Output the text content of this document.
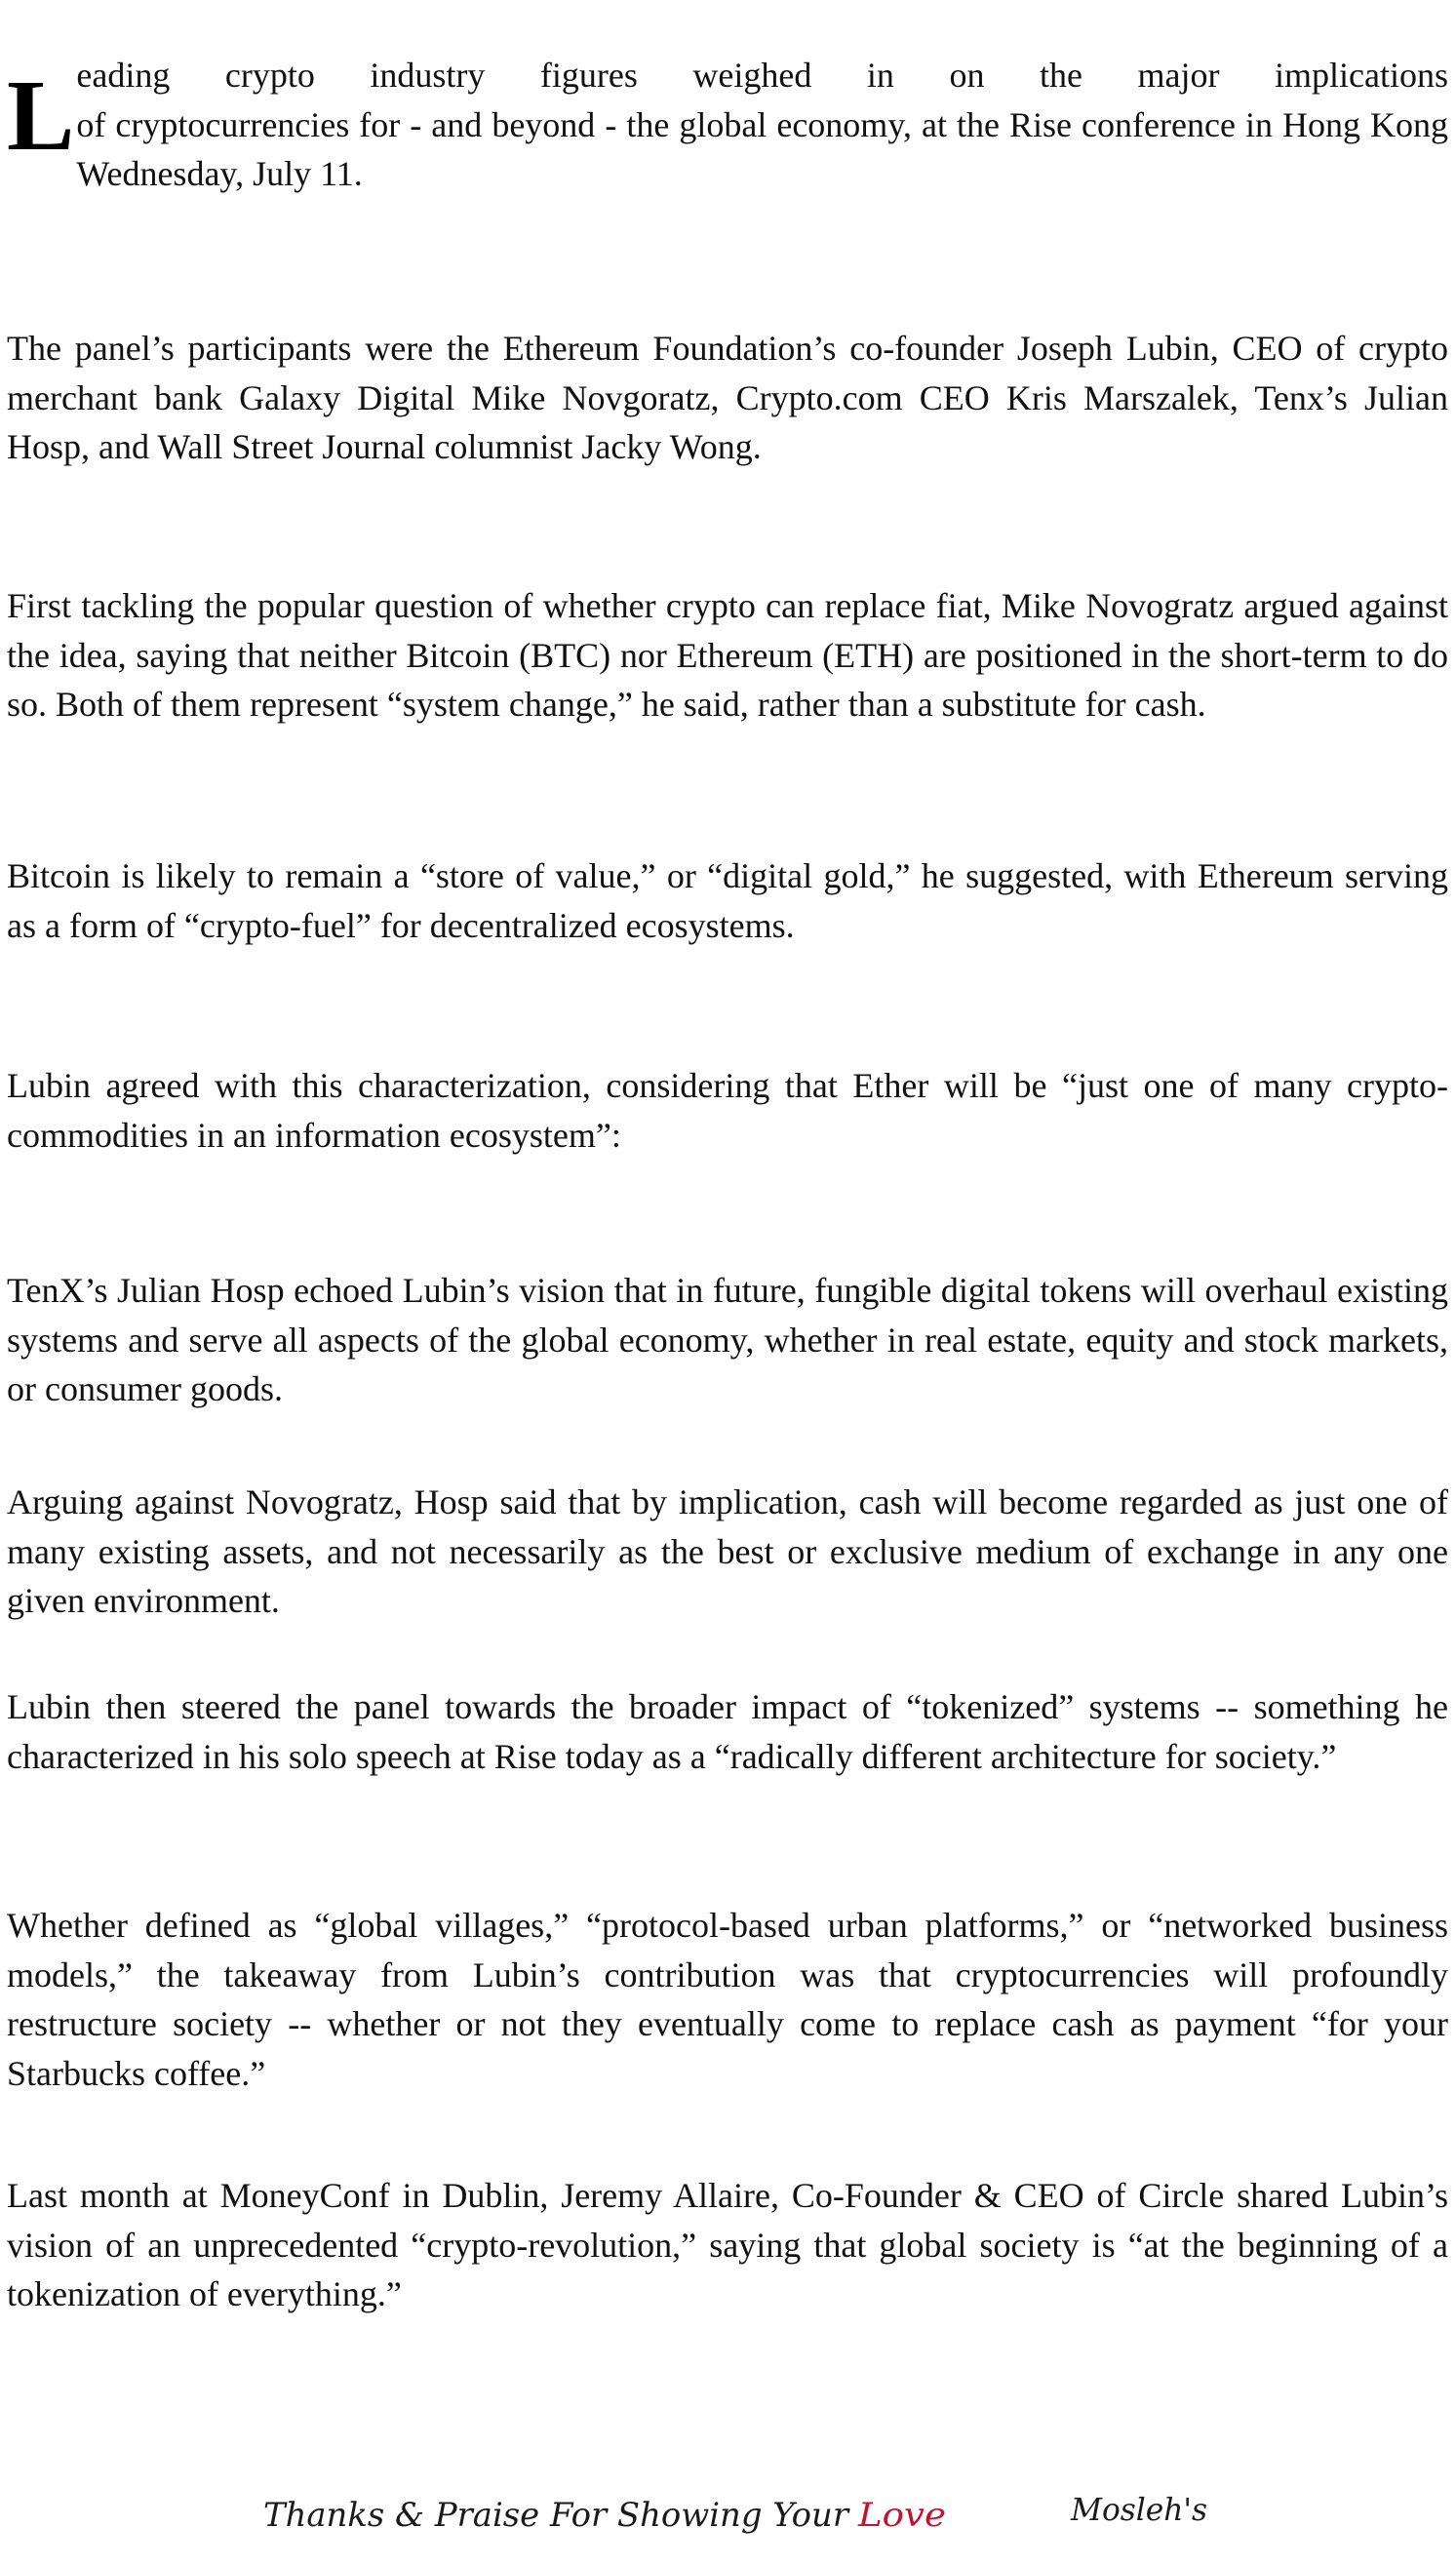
L eading crypto industry figures weighed in on the major implications

of cryptocurrencies for - and beyond - the global economy, at the Rise conference in Hong Kong Wednesday, July 11.

The panel’s participants were the Ethereum Foundation’s co-founder Joseph Lubin, CEO of crypto merchant bank Galaxy Digital Mike Novgoratz, Crypto.com CEO Kris Marszalek, Tenx’s Julian Hosp, and Wall Street Journal columnist Jacky Wong.

First tackling the popular question of whether crypto can replace fiat, Mike Novogratz argued against the idea, saying that neither Bitcoin (BTC) nor Ethereum (ETH) are positioned in the short-term to do so. Both of them represent “system change,” he said, rather than a substitute for cash.

Bitcoin is likely to remain a “store of value,” or “digital gold,” he suggested, with Ethereum serving as a form of “crypto-fuel” for decentralized ecosystems.

Lubin agreed with this characterization, considering that Ether will be “just one of many crypto-commodities in an information ecosystem”:

TenX’s Julian Hosp echoed Lubin’s vision that in future, fungible digital tokens will overhaul existing systems and serve all aspects of the global economy, whether in real estate, equity and stock markets, or consumer goods.

Arguing against Novogratz, Hosp said that by implication, cash will become regarded as just one of many existing assets, and not necessarily as the best or exclusive medium of exchange in any one given environment.

Lubin then steered the panel towards the broader impact of “tokenized” systems -- something he characterized in his solo speech at Rise today as a “radically different architecture for society.”

Whether defined as “global villages,” “protocol-based urban platforms,” or “networked business models,” the takeaway from Lubin’s contribution was that cryptocurrencies will profoundly restructure society -- whether or not they eventually come to replace cash as payment “for your Starbucks coffee.”

Last month at MoneyConf in Dublin, Jeremy Allaire, Co-Founder & CEO of Circle shared Lubin’s vision of an unprecedented “crypto-revolution,” saying that global society is “at the beginning of a tokenization of everything.”

Thanks & Praise For Showing Your Love	Mosleh's
